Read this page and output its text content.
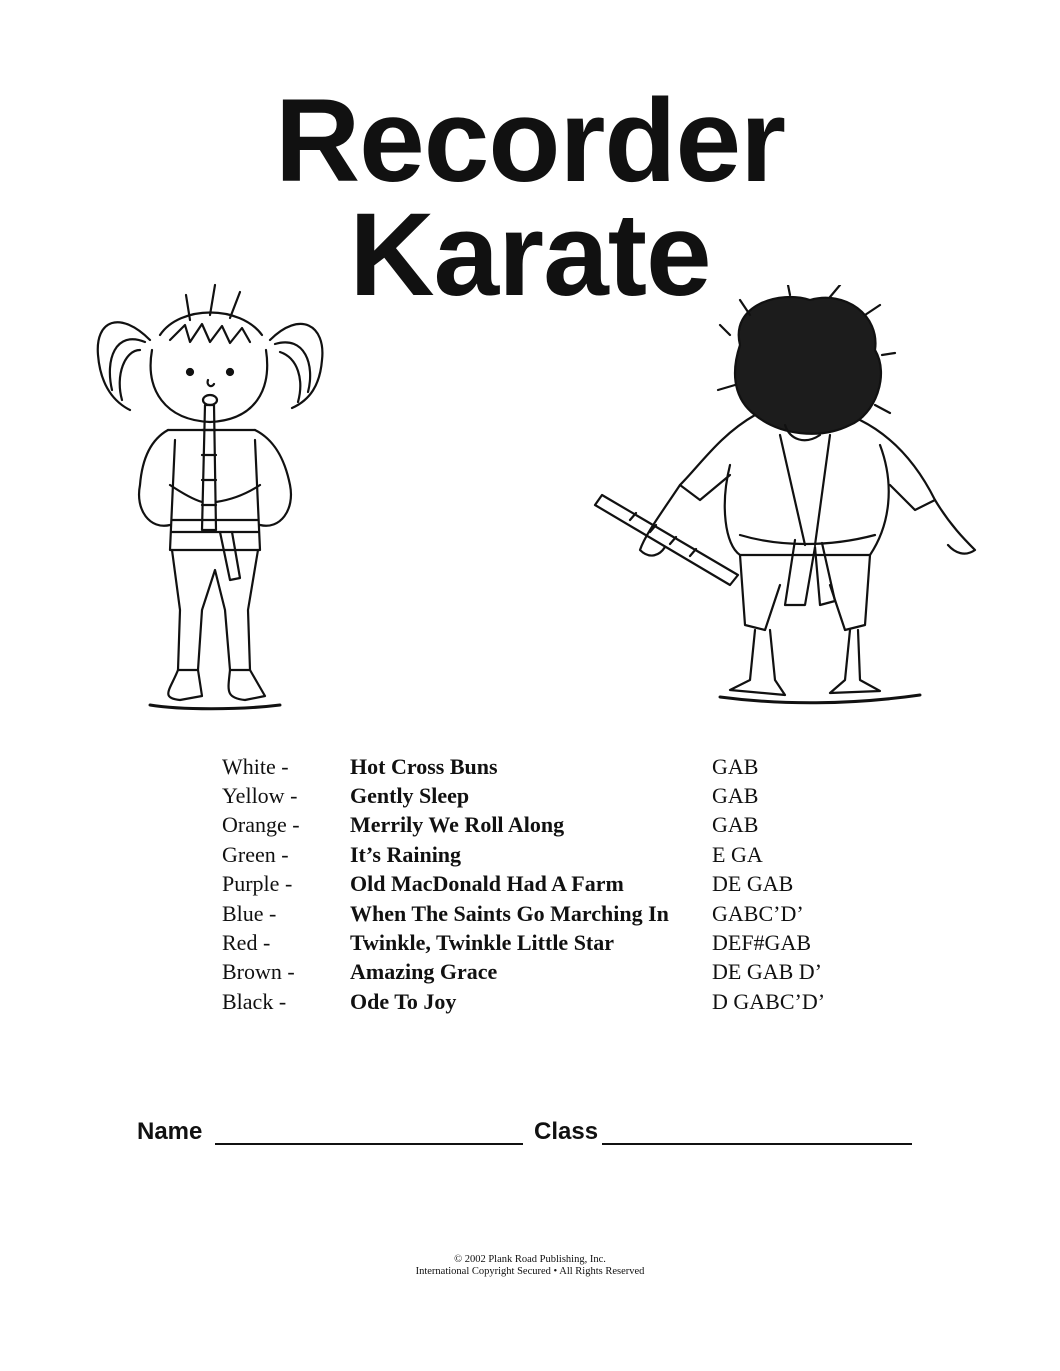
Recorder
Karate
White -	Hot Cross Buns	GAB
Yellow -	Gently Sleep	GAB
Orange -	Merrily We Roll Along	GAB
Green -	It’s Raining	E GA
Purple -	Old MacDonald Had A Farm	DE GAB
Blue -	When The Saints Go Marching In	GABC’D’
Red -	Twinkle, Twinkle Little Star	DEF#GAB
Brown -	Amazing Grace	DE GAB D’
Black -	Ode To Joy	D GABC’D’
Name	Class
© 2002 Plank Road Publishing, Inc.
International Copyright Secured • All Rights Reserved
